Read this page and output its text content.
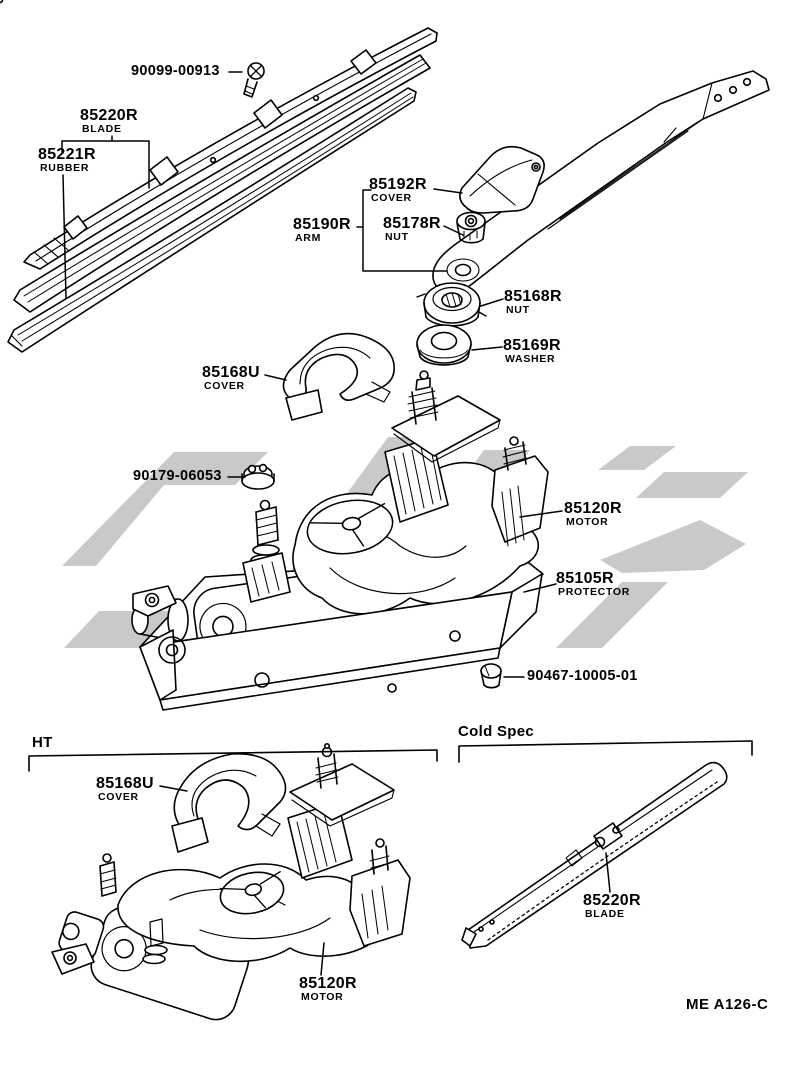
90099-00913
85220R
BLADE
85221R
RUBBER
85192R
COVER
85190R
ARM
85178R
NUT
85168R
NUT
85169R
WASHER
85168U
COVER
90179-06053
85120R
MOTOR
85105R
PROTECTOR
90467-10005-01
HT
Cold Spec
85168U
COVER
85120R
MOTOR
85220R
BLADE
ME A126-C
